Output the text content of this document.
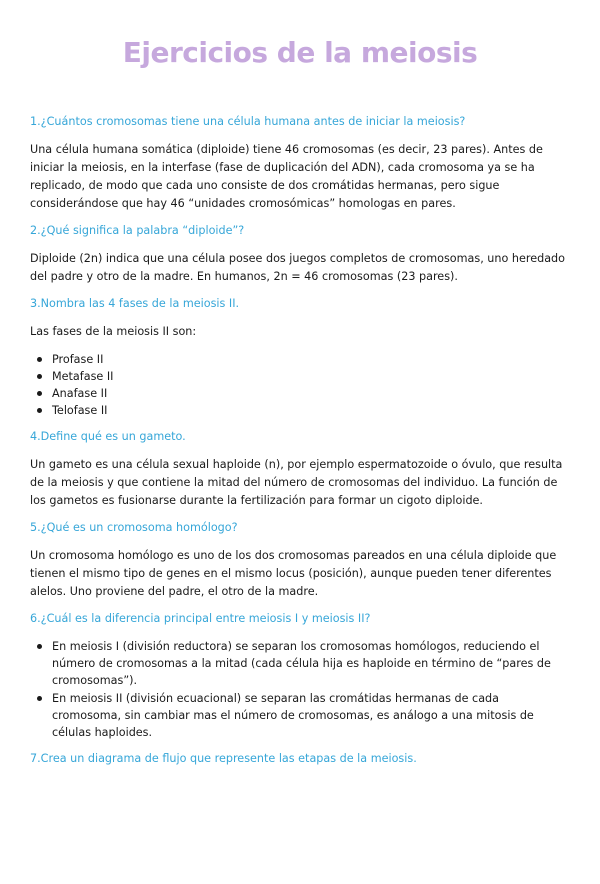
Ejercicios de la meiosis

1.¿Cuántos cromosomas tiene una célula humana antes de iniciar la meiosis?

Una célula humana somática (diploide) tiene 46 cromosomas (es decir, 23 pares). Antes de iniciar la meiosis, en la interfase (fase de duplicación del ADN), cada cromosoma ya se ha replicado, de modo que cada uno consiste de dos cromátidas hermanas, pero sigue considerándose que hay 46 “unidades cromosómicas” homologas en pares.

2.¿Qué significa la palabra “diploide”?

Diploide (2n) indica que una célula posee dos juegos completos de cromosomas, uno heredado del padre y otro de la madre. En humanos, 2n = 46 cromosomas (23 pares).

3.Nombra las 4 fases de la meiosis II.

Las fases de la meiosis II son:

Profase II
Metafase II
Anafase II
Telofase II

4.Define qué es un gameto.

Un gameto es una célula sexual haploide (n), por ejemplo espermatozoide o óvulo, que resulta de la meiosis y que contiene la mitad del número de cromosomas del individuo. La función de los gametos es fusionarse durante la fertilización para formar un cigoto diploide.

5.¿Qué es un cromosoma homólogo?

Un cromosoma homólogo es uno de los dos cromosomas pareados en una célula diploide que tienen el mismo tipo de genes en el mismo locus (posición), aunque pueden tener diferentes alelos. Uno proviene del padre, el otro de la madre.

6.¿Cuál es la diferencia principal entre meiosis I y meiosis II?

En meiosis I (división reductora) se separan los cromosomas homólogos, reduciendo el número de cromosomas a la mitad (cada célula hija es haploide en término de “pares de cromosomas”).
En meiosis II (división ecuacional) se separan las cromátidas hermanas de cada cromosoma, sin cambiar mas el número de cromosomas, es análogo a una mitosis de células haploides.

7.Crea un diagrama de flujo que represente las etapas de la meiosis.
